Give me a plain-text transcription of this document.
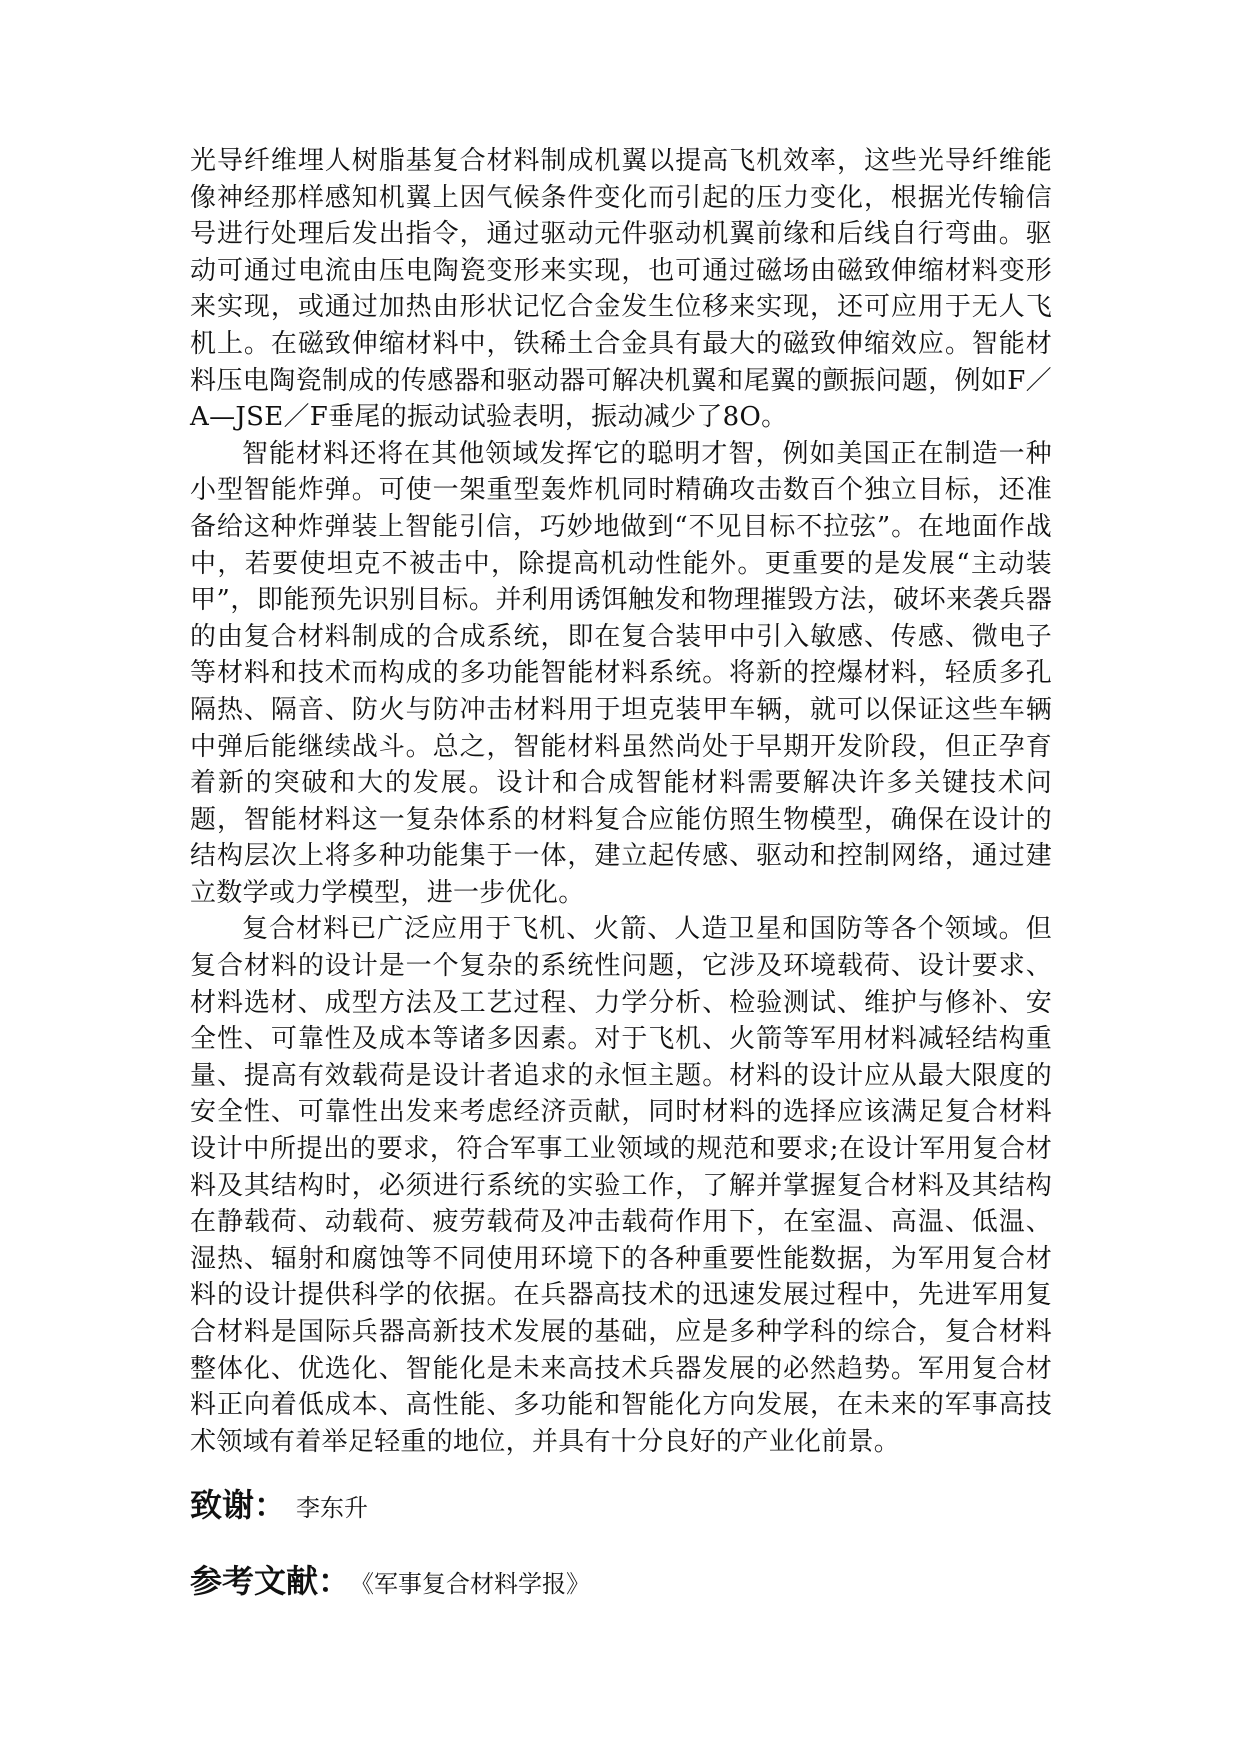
光导纤维埋人树脂基复合材料制成机翼以提高飞机效率，这些光导纤维能像神经那样感知机翼上因气候条件变化而引起的压力变化，根据光传输信号进行处理后发出指令，通过驱动元件驱动机翼前缘和后线自行弯曲。驱动可通过电流由压电陶瓷变形来实现，也可通过磁场由磁致伸缩材料变形来实现，或通过加热由形状记忆合金发生位移来实现，还可应用于无人飞机上。在磁致伸缩材料中，铁稀土合金具有最大的磁致伸缩效应。智能材料压电陶瓷制成的传感器和驱动器可解决机翼和尾翼的颤振问题，例如F／A—JSE／F垂尾的振动试验表明，振动减少了8O。

智能材料还将在其他领域发挥它的聪明才智，例如美国正在制造一种小型智能炸弹。可使一架重型轰炸机同时精确攻击数百个独立目标，还准备给这种炸弹装上智能引信，巧妙地做到“不见目标不拉弦”。在地面作战中，若要使坦克不被击中，除提高机动性能外。更重要的是发展“主动装甲”，即能预先识别目标。并利用诱饵触发和物理摧毁方法，破坏来袭兵器的由复合材料制成的合成系统，即在复合装甲中引入敏感、传感、微电子等材料和技术而构成的多功能智能材料系统。将新的控爆材料，轻质多孔隔热、隔音、防火与防冲击材料用于坦克装甲车辆，就可以保证这些车辆中弹后能继续战斗。总之，智能材料虽然尚处于早期开发阶段，但正孕育着新的突破和大的发展。设计和合成智能材料需要解决许多关键技术问题，智能材料这一复杂体系的材料复合应能仿照生物模型，确保在设计的结构层次上将多种功能集于一体，建立起传感、驱动和控制网络，通过建立数学或力学模型，进一步优化。

复合材料已广泛应用于飞机、火箭、人造卫星和国防等各个领域。但复合材料的设计是一个复杂的系统性问题，它涉及环境载荷、设计要求、材料选材、成型方法及工艺过程、力学分析、检验测试、维护与修补、安全性、可靠性及成本等诸多因素。对于飞机、火箭等军用材料减轻结构重量、提高有效载荷是设计者追求的永恒主题。材料的设计应从最大限度的安全性、可靠性出发来考虑经济贡献，同时材料的选择应该满足复合材料设计中所提出的要求，符合军事工业领域的规范和要求;在设计军用复合材料及其结构时，必须进行系统的实验工作，了解并掌握复合材料及其结构在静载荷、动载荷、疲劳载荷及冲击载荷作用下，在室温、高温、低温、湿热、辐射和腐蚀等不同使用环境下的各种重要性能数据，为军用复合材料的设计提供科学的依据。在兵器高技术的迅速发展过程中，先进军用复合材料是国际兵器高新技术发展的基础，应是多种学科的综合，复合材料整体化、优选化、智能化是未来高技术兵器发展的必然趋势。军用复合材料正向着低成本、高性能、多功能和智能化方向发展，在未来的军事高技术领域有着举足轻重的地位，并具有十分良好的产业化前景。

致谢： 李东升
参考文献： 《军事复合材料学报》
